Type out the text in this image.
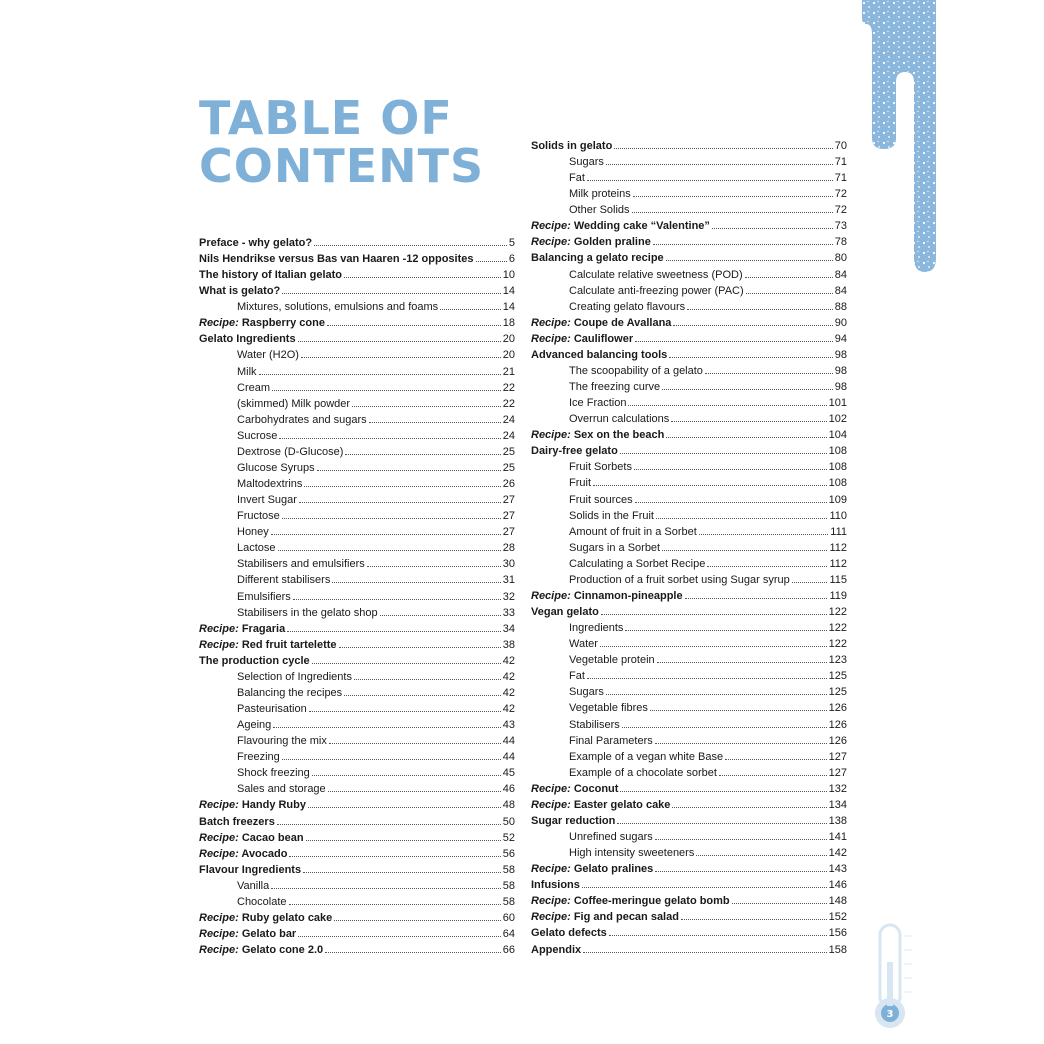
TABLE OF
CONTENTS
Preface - why gelato?	5
Nils Hendrikse versus Bas van Haaren -12 opposites	6
The history of Italian gelato	10
What is gelato?	14
Mixtures, solutions, emulsions and foams	14
Recipe: Raspberry cone	18
Gelato Ingredients	20
Water (H2O)	20
Milk	21
Cream	22
(skimmed) Milk powder	22
Carbohydrates and sugars	24
Sucrose	24
Dextrose (D-Glucose)	25
Glucose Syrups	25
Maltodextrins	26
Invert Sugar	27
Fructose	27
Honey	27
Lactose	28
Stabilisers and emulsifiers	30
Different stabilisers	31
Emulsifiers	32
Stabilisers in the gelato shop	33
Recipe: Fragaria	34
Recipe: Red fruit tartelette	38
The production cycle	42
Selection of Ingredients	42
Balancing the recipes	42
Pasteurisation	42
Ageing	43
Flavouring the mix	44
Freezing	44
Shock freezing	45
Sales and storage	46
Recipe: Handy Ruby	48
Batch freezers	50
Recipe: Cacao bean	52
Recipe: Avocado	56
Flavour Ingredients	58
Vanilla	58
Chocolate	58
Recipe: Ruby gelato cake	60
Recipe: Gelato bar	64
Recipe: Gelato cone 2.0	66
Solids in gelato	70
Sugars	71
Fat	71
Milk proteins	72
Other Solids	72
Recipe: Wedding cake “Valentine”	73
Recipe: Golden praline	78
Balancing a gelato recipe	80
Calculate relative sweetness (POD)	84
Calculate anti-freezing power (PAC)	84
Creating gelato flavours	88
Recipe: Coupe de Avallana	90
Recipe: Cauliflower	94
Advanced balancing tools	98
The scoopability of a gelato	98
The freezing curve	98
Ice Fraction	101
Overrun calculations	102
Recipe: Sex on the beach	104
Dairy-free gelato	108
Fruit Sorbets	108
Fruit	108
Fruit sources	109
Solids in the Fruit	110
Amount of fruit in a Sorbet	111
Sugars in a Sorbet	112
Calculating a Sorbet Recipe	112
Production of a fruit sorbet using Sugar syrup	115
Recipe: Cinnamon-pineapple	119
Vegan gelato	122
Ingredients	122
Water	122
Vegetable protein	123
Fat	125
Sugars	125
Vegetable fibres	126
Stabilisers	126
Final Parameters	126
Example of a vegan white Base	127
Example of a chocolate sorbet	127
Recipe: Coconut	132
Recipe: Easter gelato cake	134
Sugar reduction	138
Unrefined sugars	141
High intensity sweeteners	142
Recipe: Gelato pralines	143
Infusions	146
Recipe: Coffee-meringue gelato bomb	148
Recipe: Fig and pecan salad	152
Gelato defects	156
Appendix	158
3
